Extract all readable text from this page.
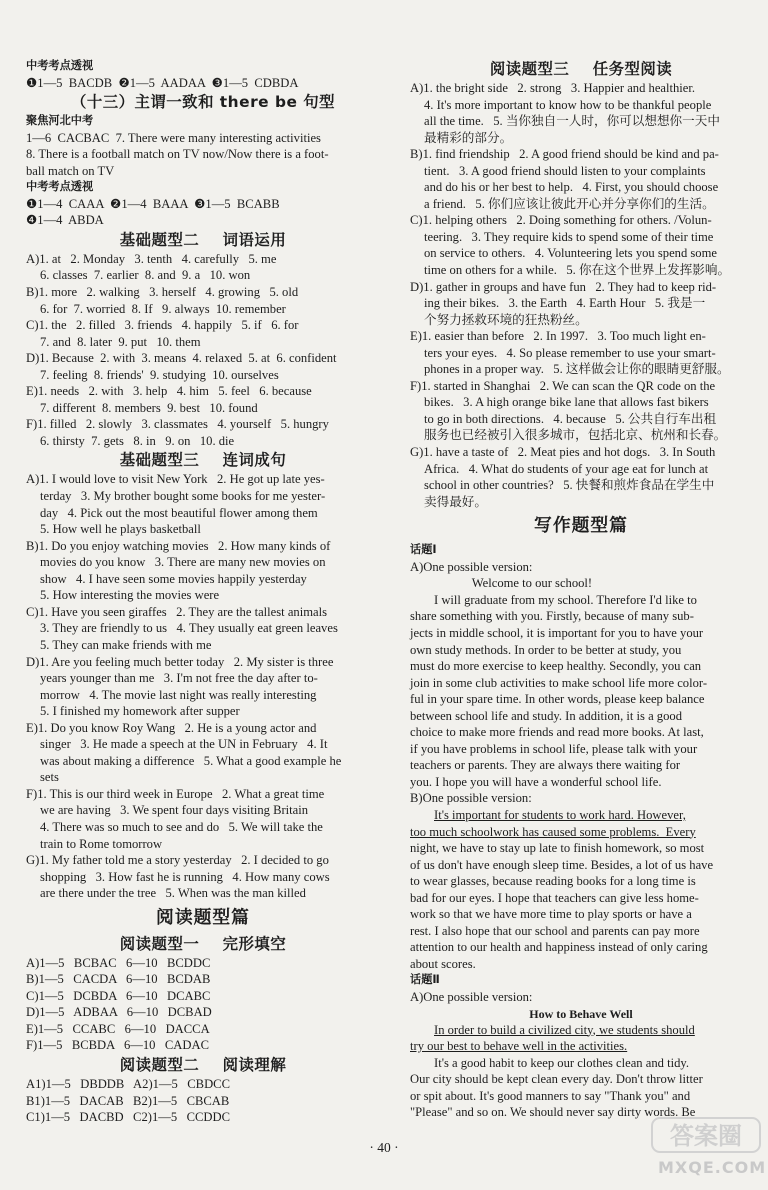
中考考点透视

❶1—5  BACDB  ❷1—5  AADAA  ❸1—5  CDBDA

（十三）主谓一致和 there be 句型

聚焦河北中考

1—6  CACBAC  7. There were many interesting activities

8. There is a football match on TV now/Now there is a foot-

ball match on TV

中考考点透视

❶1—4  CAAA  ❷1—4  BAAA  ❸1—5  BCABB

❹1—4  ABDA

基础题型二    词语运用

A)1. at   2. Monday   3. tenth   4. carefully   5. me

6. classes  7. earlier  8. and  9. a   10. won

B)1. more   2. walking   3. herself   4. growing   5. old

6. for  7. worried  8. If   9. always  10. remember

C)1. the   2. filled   3. friends   4. happily   5. if   6. for

7. and  8. later  9. put   10. them

D)1. Because  2. with  3. means  4. relaxed  5. at  6. confident

7. feeling  8. friends'  9. studying  10. ourselves

E)1. needs   2. with   3. help   4. him   5. feel   6. because

7. different  8. members  9. best   10. found

F)1. filled   2. slowly   3. classmates   4. yourself   5. hungry

6. thirsty  7. gets   8. in   9. on   10. die

基础题型三    连词成句

A)1. I would love to visit New York   2. He got up late yes-

terday   3. My brother bought some books for me yester-

day   4. Pick out the most beautiful flower among them

5. How well he plays basketball

B)1. Do you enjoy watching movies   2. How many kinds of

movies do you know   3. There are many new movies on

show   4. I have seen some movies happily yesterday

5. How interesting the movies were

C)1. Have you seen giraffes   2. They are the tallest animals

3. They are friendly to us   4. They usually eat green leaves

5. They can make friends with me

D)1. Are you feeling much better today   2. My sister is three

years younger than me   3. I'm not free the day after to-

morrow   4. The movie last night was really interesting

5. I finished my homework after supper

E)1. Do you know Roy Wang   2. He is a young actor and

singer   3. He made a speech at the UN in February   4. It

was about making a difference   5. What a good example he

sets

F)1. This is our third week in Europe   2. What a great time

we are having   3. We spent four days visiting Britain

4. There was so much to see and do   5. We will take the

train to Rome tomorrow

G)1. My father told me a story yesterday   2. I decided to go

shopping   3. How fast he is running   4. How many cows

are there under the tree   5. When was the man killed

阅读题型篇

阅读题型一    完形填空

A)1—5   BCBAC   6—10   BCDDC

B)1—5   CACDA   6—10   BCDAB

C)1—5   DCBDA   6—10   DCABC

D)1—5   ADBAA   6—10   DCBAD

E)1—5   CCABC   6—10   DACCA

F)1—5   BCBDA   6—10   CADAC

阅读题型二    阅读理解

A1)1—5   DBDDB   A2)1—5   CBDCC

B1)1—5   DACAB   B2)1—5   CBCAB

C1)1—5   DACBD   C2)1—5   CCDDC

阅读题型三    任务型阅读

A)1. the bright side   2. strong   3. Happier and healthier.

4. It's more important to know how to be thankful people

all the time.   5. 当你独自一人时，你可以想想你一天中

最精彩的部分。

B)1. find friendship   2. A good friend should be kind and pa-

tient.   3. A good friend should listen to your complaints

and do his or her best to help.   4. First, you should choose

a friend.   5. 你们应该让彼此开心并分享你们的生活。

C)1. helping others   2. Doing something for others. /Volun-

teering.   3. They require kids to spend some of their time

on service to others.   4. Volunteering lets you spend some

time on others for a while.   5. 你在这个世界上发挥影响。

D)1. gather in groups and have fun   2. They had to keep rid-

ing their bikes.   3. the Earth   4. Earth Hour   5. 我是一

个努力拯救环境的狂热粉丝。

E)1. easier than before   2. In 1997.   3. Too much light en-

ters your eyes.   4. So please remember to use your smart-

phones in a proper way.   5. 这样做会让你的眼睛更舒服。

F)1. started in Shanghai   2. We can scan the QR code on the

bikes.   3. A high orange bike lane that allows fast bikers

to go in both directions.   4. because   5. 公共自行车出租

服务也已经被引入很多城市，包括北京、杭州和长春。

G)1. have a taste of   2. Meat pies and hot dogs.   3. In South

Africa.   4. What do students of your age eat for lunch at

school in other countries?   5. 快餐和煎炸食品在学生中

卖得最好。

写作题型篇

话题Ⅰ

A)One possible version:

Welcome to our school!

I will graduate from my school. Therefore I'd like to

share something with you. Firstly, because of many sub-

jects in middle school, it is important for you to have your

own study methods. In order to be better at study, you

must do more exercise to keep healthy. Secondly, you can

join in some club activities to make school life more color-

ful in your spare time. In other words, please keep balance

between school life and study. In addition, it is a good

choice to make more friends and read more books. At last,

if you have problems in school life, please talk with your

teachers or parents. They are always there waiting for

you. I hope you will have a wonderful school life.

B)One possible version:

It's important for students to work hard. However,

too much schoolwork has caused some problems.  Every

night, we have to stay up late to finish homework, so most

of us don't have enough sleep time. Besides, a lot of us have

to wear glasses, because reading books for a long time is

bad for our eyes. I hope that teachers can give less home-

work so that we have more time to play sports or have a

rest. I also hope that our school and parents can pay more

attention to our health and happiness instead of only caring

about scores.

话题Ⅱ

A)One possible version:

How to Behave Well

In order to build a civilized city, we students should

try our best to behave well in the activities.

It's a good habit to keep our clothes clean and tidy.

Our city should be kept clean every day. Don't throw litter

or spit about. It's good manners to say "Thank you" and

"Please" and so on. We should never say dirty words. Be

· 40 ·	答案圈
MXQE.COM
